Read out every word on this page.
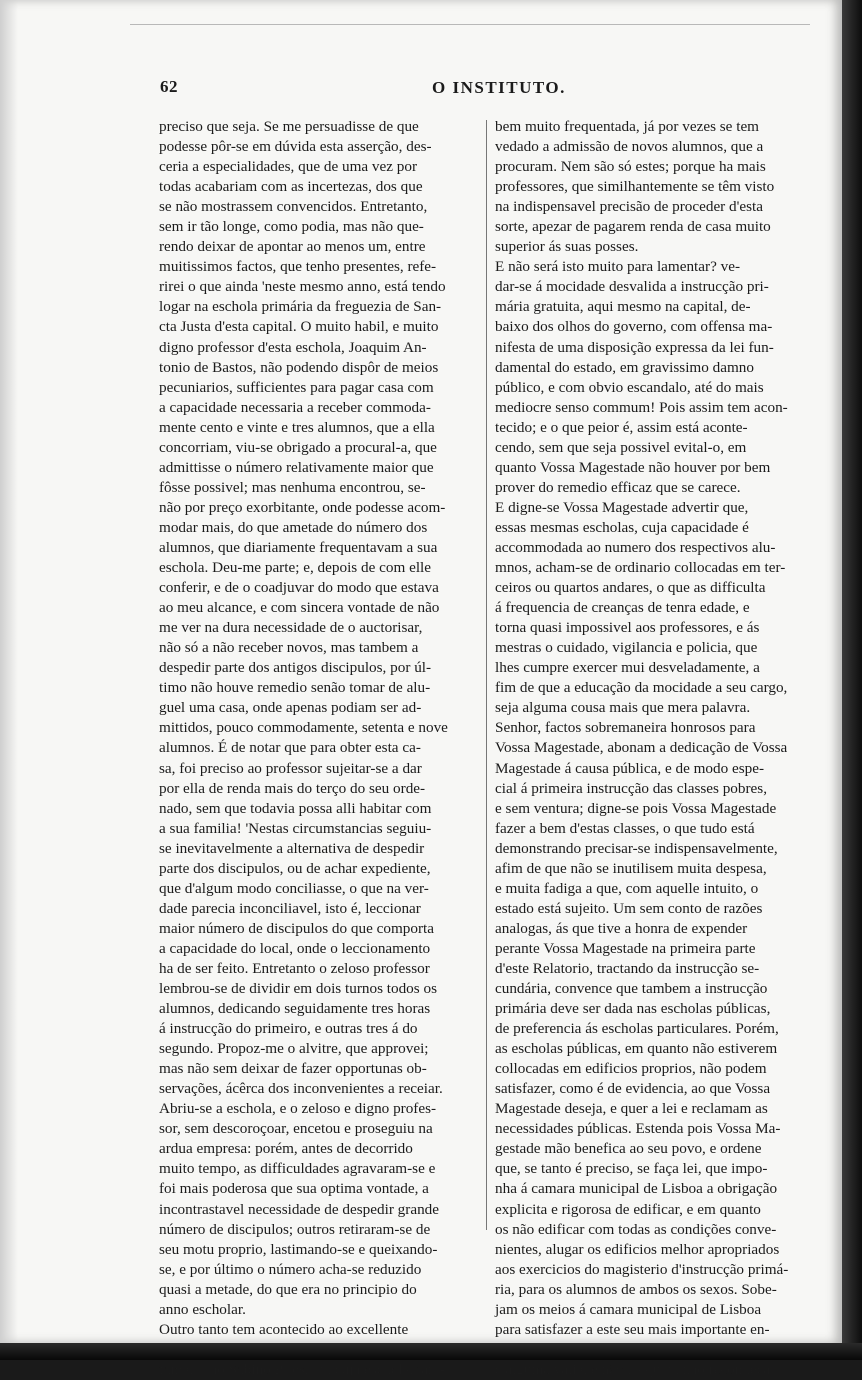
62	O INSTITUTO.
preciso que seja. Se me persuadisse de que
podesse pôr-se em dúvida esta asserção, des-
ceria a especialidades, que de uma vez por
todas acabariam com as incertezas, dos que
se não mostrassem convencidos. Entretanto,
sem ir tão longe, como podia, mas não que-
rendo deixar de apontar ao menos um, entre
muitissimos factos, que tenho presentes, refe-
rirei o que ainda 'neste mesmo anno, está tendo
logar na eschola primária da freguezia de San-
cta Justa d'esta capital. O muito habil, e muito
digno professor d'esta eschola, Joaquim An-
tonio de Bastos, não podendo dispôr de meios
pecuniarios, sufficientes para pagar casa com
a capacidade necessaria a receber commoda-
mente cento e vinte e tres alumnos, que a ella
concorriam, viu-se obrigado a procural-a, que
admittisse o número relativamente maior que
fôsse possivel; mas nenhuma encontrou, se-
não por preço exorbitante, onde podesse acom-
modar mais, do que ametade do número dos
alumnos, que diariamente frequentavam a sua
eschola. Deu-me parte; e, depois de com elle
conferir, e de o coadjuvar do modo que estava
ao meu alcance, e com sincera vontade de não
me ver na dura necessidade de o auctorisar,
não só a não receber novos, mas tambem a
despedir parte dos antigos discipulos, por úl-
timo não houve remedio senão tomar de alu-
guel uma casa, onde apenas podiam ser ad-
mittidos, pouco commodamente, setenta e nove
alumnos. É de notar que para obter esta ca-
sa, foi preciso ao professor sujeitar-se a dar
por ella de renda mais do terço do seu orde-
nado, sem que todavia possa alli habitar com
a sua familia! 'Nestas circumstancias seguiu-
se inevitavelmente a alternativa de despedir
parte dos discipulos, ou de achar expediente,
que d'algum modo conciliasse, o que na ver-
dade parecia inconciliavel, isto é, leccionar
maior número de discipulos do que comporta
a capacidade do local, onde o leccionamento
ha de ser feito. Entretanto o zeloso professor
lembrou-se de dividir em dois turnos todos os
alumnos, dedicando seguidamente tres horas
á instrucção do primeiro, e outras tres á do
segundo. Propoz-me o alvitre, que approvei;
mas não sem deixar de fazer opportunas ob-
servações, ácêrca dos inconvenientes a receiar.
Abriu-se a eschola, e o zeloso e digno profes-
sor, sem descoroçoar, encetou e proseguiu na
ardua empresa: porém, antes de decorrido
muito tempo, as difficuldades agravaram-se e
foi mais poderosa que sua optima vontade, a
incontrastavel necessidade de despedir grande
número de discipulos; outros retiraram-se de
seu motu proprio, lastimando-se e queixando-
se, e por último o número acha-se reduzido
quasi a metade, do que era no principio do
anno escholar.
Outro tanto tem acontecido ao excellente
fama, João Sabino Pires, em cuja eschola, tam-
bem muito frequentada, já por vezes se tem
vedado a admissão de novos alumnos, que a
procuram. Nem são só estes; porque ha mais
professores, que similhantemente se têm visto
na indispensavel precisão de proceder d'esta
sorte, apezar de pagarem renda de casa muito
superior ás suas posses.
E não será isto muito para lamentar? ve-
dar-se á mocidade desvalida a instrucção pri-
mária gratuita, aqui mesmo na capital, de-
baixo dos olhos do governo, com offensa ma-
nifesta de uma disposição expressa da lei fun-
damental do estado, em gravissimo damno
público, e com obvio escandalo, até do mais
mediocre senso commum! Pois assim tem acon-
tecido; e o que peior é, assim está aconte-
cendo, sem que seja possivel evital-o, em
quanto Vossa Magestade não houver por bem
prover do remedio efficaz que se carece.
E digne-se Vossa Magestade advertir que,
essas mesmas escholas, cuja capacidade é
accommodada ao numero dos respectivos alu-
mnos, acham-se de ordinario collocadas em ter-
ceiros ou quartos andares, o que as difficulta
á frequencia de creanças de tenra edade, e
torna quasi impossivel aos professores, e ás
mestras o cuidado, vigilancia e policia, que
lhes cumpre exercer mui desveladamente, a
fim de que a educação da mocidade a seu cargo,
seja alguma cousa mais que mera palavra.
Senhor, factos sobremaneira honrosos para
Vossa Magestade, abonam a dedicação de Vossa
Magestade á causa pública, e de modo espe-
cial á primeira instrucção das classes pobres,
e sem ventura; digne-se pois Vossa Magestade
fazer a bem d'estas classes, o que tudo está
demonstrando precisar-se indispensavelmente,
afim de que não se inutilisem muita despesa,
e muita fadiga a que, com aquelle intuito, o
estado está sujeito. Um sem conto de razões
analogas, ás que tive a honra de expender
perante Vossa Magestade na primeira parte
d'este Relatorio, tractando da instrucção se-
cundária, convence que tambem a instrucção
primária deve ser dada nas escholas públicas,
de preferencia ás escholas particulares. Porém,
as escholas públicas, em quanto não estiverem
collocadas em edificios proprios, não podem
satisfazer, como é de evidencia, ao que Vossa
Magestade deseja, e quer a lei e reclamam as
necessidades públicas. Estenda pois Vossa Ma-
gestade mão benefica ao seu povo, e ordene
que, se tanto é preciso, se faça lei, que impo-
nha á camara municipal de Lisboa a obrigação
explicita e rigorosa de edificar, e em quanto
os não edificar com todas as condições conve-
nientes, alugar os edificios melhor apropriados
aos exercicios do magisterio d'instrucção primá-
ria, para os alumnos de ambos os sexos. Sobe-
jam os meios á camara municipal de Lisboa
para satisfazer a este seu mais importante en-
d'alguma valia, e não ha quem não reconheça,
